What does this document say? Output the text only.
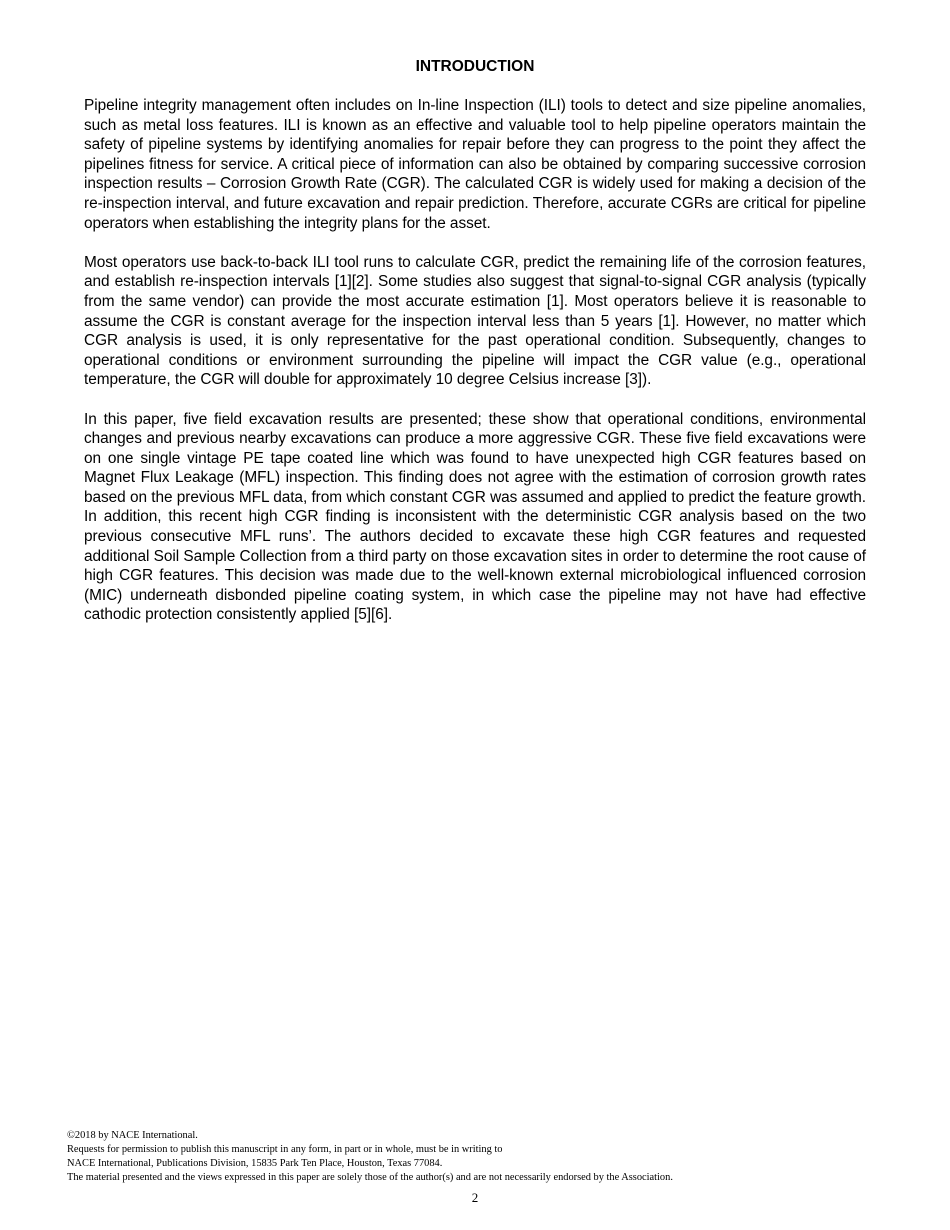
INTRODUCTION

Pipeline integrity management often includes on In-line Inspection (ILI) tools to detect and size pipeline anomalies, such as metal loss features. ILI is known as an effective and valuable tool to help pipeline operators maintain the safety of pipeline systems by identifying anomalies for repair before they can progress to the point they affect the pipelines fitness for service. A critical piece of information can also be obtained by comparing successive corrosion inspection results – Corrosion Growth Rate (CGR). The calculated CGR is widely used for making a decision of the re-inspection interval, and future excavation and repair prediction. Therefore, accurate CGRs are critical for pipeline operators when establishing the integrity plans for the asset.

Most operators use back-to-back ILI tool runs to calculate CGR, predict the remaining life of the corrosion features, and establish re-inspection intervals [1][2]. Some studies also suggest that signal-to-signal CGR analysis (typically from the same vendor) can provide the most accurate estimation [1]. Most operators believe it is reasonable to assume the CGR is constant average for the inspection interval less than 5 years [1]. However, no matter which CGR analysis is used, it is only representative for the past operational condition. Subsequently, changes to operational conditions or environment surrounding the pipeline will impact the CGR value (e.g., operational temperature, the CGR will double for approximately 10 degree Celsius increase [3]).

In this paper, five field excavation results are presented; these show that operational conditions, environmental changes and previous nearby excavations can produce a more aggressive CGR. These five field excavations were on one single vintage PE tape coated line which was found to have unexpected high CGR features based on Magnet Flux Leakage (MFL) inspection. This finding does not agree with the estimation of corrosion growth rates based on the previous MFL data, from which constant CGR was assumed and applied to predict the feature growth. In addition, this recent high CGR finding is inconsistent with the deterministic CGR analysis based on the two previous consecutive MFL runs’. The authors decided to excavate these high CGR features and requested additional Soil Sample Collection from a third party on those excavation sites in order to determine the root cause of high CGR features. This decision was made due to the well-known external microbiological influenced corrosion (MIC) underneath disbonded pipeline coating system, in which case the pipeline may not have had effective cathodic protection consistently applied [5][6].

©2018 by NACE International.
Requests for permission to publish this manuscript in any form, in part or in whole, must be in writing to
NACE International, Publications Division, 15835 Park Ten Place, Houston, Texas 77084.
The material presented and the views expressed in this paper are solely those of the author(s) and are not necessarily endorsed by the Association.
2
